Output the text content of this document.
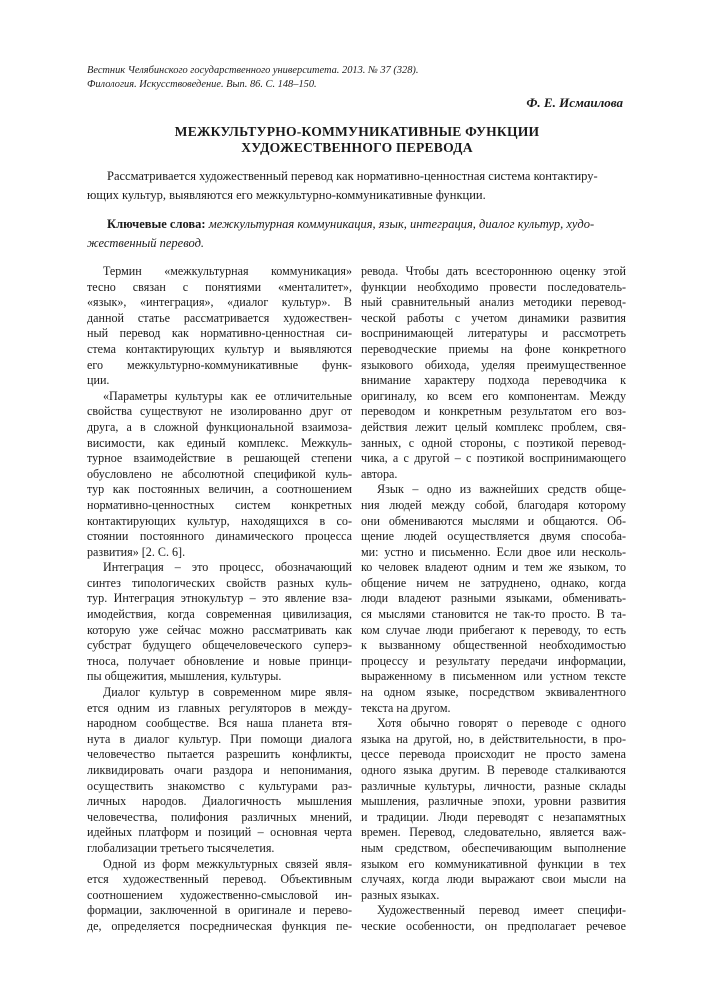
Вестник Челябинского государственного университета. 2013. № 37 (328).
Филология. Искусствоведение. Вып. 86. С. 148–150.
Ф. Е. Исмаилова
МЕЖКУЛЬТУРНО-КОММУНИКАТИВНЫЕ ФУНКЦИИ
ХУДОЖЕСТВЕННОГО ПЕРЕВОДА
Рассматривается художественный перевод как нормативно-ценностная система контактиру-
ющих культур, выявляются его межкультурно-коммуникативные функции.
Ключевые слова: межкультурная коммуникация, язык, интеграция, диалог культур, худо-
жественный перевод.
Термин «межкультурная коммуникация»
тесно связан с понятиями «менталитет»,
«язык», «интеграция», «диалог культур». В
данной статье рассматривается художествен-
ный перевод как нормативно-ценностная си-
стема контактирующих культур и выявляются
его межкультурно-коммуникативные функ-
ции.
«Параметры культуры как ее отличительные
свойства существуют не изолированно друг от
друга, а в сложной функциональной взаимоза-
висимости, как единый комплекс. Межкуль-
турное взаимодействие в решающей степени
обусловлено не абсолютной спецификой куль-
тур как постоянных величин, а соотношением
нормативно-ценностных систем конкретных
контактирующих культур, находящихся в со-
стоянии постоянного динамического процесса
развития» [2. С. 6].
Интеграция – это процесс, обозначающий
синтез типологических свойств разных куль-
тур. Интеграция этнокультур – это явление вза-
имодействия, когда современная цивилизация,
которую уже сейчас можно рассматривать как
субстрат будущего общечеловеческого суперэ-
тноса, получает обновление и новые принци-
пы общежития, мышления, культуры.
Диалог культур в современном мире явля-
ется одним из главных регуляторов в между-
народном сообществе. Вся наша планета втя-
нута в диалог культур. При помощи диалога
человечество пытается разрешить конфликты,
ликвидировать очаги раздора и непонимания,
осуществить знакомство с культурами раз-
личных народов. Диалогичность мышления
человечества, полифония различных мнений,
идейных платформ и позиций – основная черта
глобализации третьего тысячелетия.
Одной из форм межкультурных связей явля-
ется художественный перевод. Объективным
соотношением художественно-смысловой ин-
формации, заключенной в оригинале и перево-
де, определяется посредническая функция пе-
ревода. Чтобы дать всестороннюю оценку этой
функции необходимо провести последователь-
ный сравнительный анализ методики перевод-
ческой работы с учетом динамики развития
воспринимающей литературы и рассмотреть
переводческие приемы на фоне конкретного
языкового обихода, уделяя преимущественное
внимание характеру подхода переводчика к
оригиналу, ко всем его компонентам. Между
переводом и конкретным результатом его воз-
действия лежит целый комплекс проблем, свя-
занных, с одной стороны, с поэтикой перевод-
чика, а с другой – с поэтикой воспринимающего
автора.
Язык – одно из важнейших средств обще-
ния людей между собой, благодаря которому
они обмениваются мыслями и общаются. Об-
щение людей осуществляется двумя способа-
ми: устно и письменно. Если двое или несколь-
ко человек владеют одним и тем же языком, то
общение ничем не затруднено, однако, когда
люди владеют разными языками, обменивать-
ся мыслями становится не так-то просто. В та-
ком случае люди прибегают к переводу, то есть
к вызванному общественной необходимостью
процессу и результату передачи информации,
выраженному в письменном или устном тексте
на одном языке, посредством эквивалентного
текста на другом.
Хотя обычно говорят о переводе с одного
языка на другой, но, в действительности, в про-
цессе перевода происходит не просто замена
одного языка другим. В переводе сталкиваются
различные культуры, личности, разные склады
мышления, различные эпохи, уровни развития
и традиции. Люди переводят с незапамятных
времен. Перевод, следовательно, является важ-
ным средством, обеспечивающим выполнение
языком его коммуникативной функции в тех
случаях, когда люди выражают свои мысли на
разных языках.
Художественный перевод имеет специфи-
ческие особенности, он предполагает речевое
